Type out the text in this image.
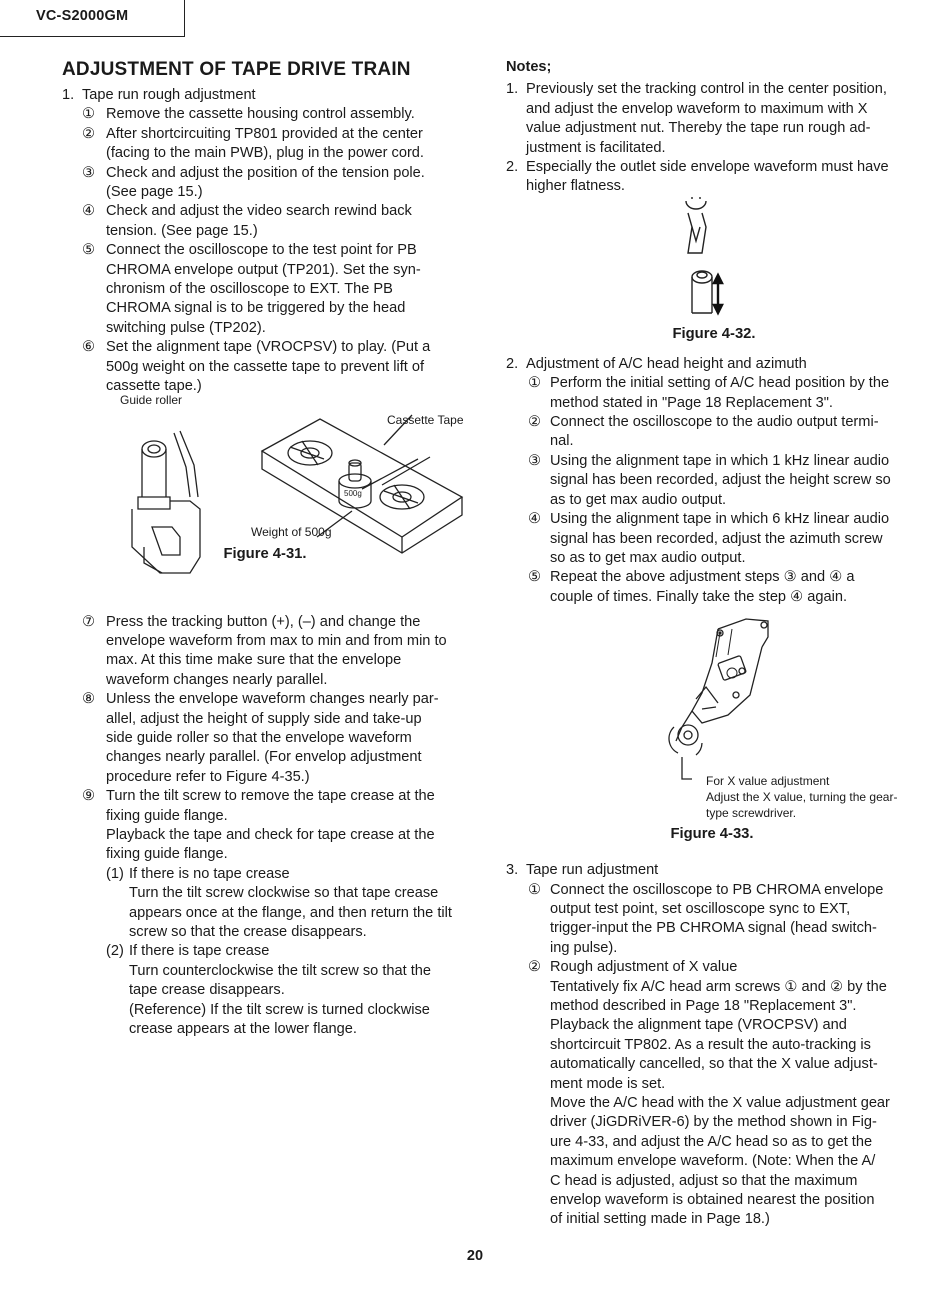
VC-S2000GM
ADJUSTMENT OF TAPE DRIVE TRAIN
1. Tape run rough adjustment
① Remove the cassette housing control assembly.
② After shortcircuiting TP801 provided at the center
(facing to the main PWB), plug in the power cord.
③ Check and adjust the position of the tension pole.
(See page 15.)
④ Check and adjust the video search rewind back
tension. (See page 15.)
⑤ Connect the oscilloscope to the test point for PB
CHROMA envelope output (TP201). Set the syn-
chronism of the oscilloscope to EXT. The PB
CHROMA signal is to be triggered by the head
switching pulse (TP202).
⑥ Set the alignment tape (VROCPSV) to play. (Put a
500g weight on the cassette tape to prevent lift of
cassette tape.)
500g
Guide roller
Cassette Tape
Weight of 500g
Figure 4-31.
⑦ Press the tracking button (+), (–) and change the
envelope waveform from max to min and from min to
max. At this time make sure that the envelope
waveform changes nearly parallel.
⑧ Unless the envelope waveform changes nearly par-
allel, adjust the height of supply side and take-up
side guide roller so that the envelope waveform
changes nearly parallel. (For envelop adjustment
procedure refer to Figure 4-35.)
⑨ Turn the tilt screw to remove the tape crease at the
fixing guide flange.
Playback the tape and check for tape crease at the
fixing guide flange.
(1) If there is no tape crease
Turn the tilt screw clockwise so that tape crease
appears once at the flange, and then return the tilt
screw so that the crease disappears.
(2) If there is tape crease
Turn counterclockwise the tilt screw so that the
tape crease disappears.
(Reference) If the tilt screw is turned clockwise
crease appears at the lower flange.
Notes;
1. Previously set the tracking control in the center position,
and adjust the envelop waveform to maximum with X
value adjustment nut. Thereby the tape run rough ad-
justment is facilitated.
2. Especially the outlet side envelope waveform must have
higher flatness.
Figure 4-32.
2. Adjustment of A/C head height and azimuth
① Perform the initial setting of A/C head position by the
method stated in "Page 18 Replacement 3".
② Connect the oscilloscope to the audio output termi-
nal.
③ Using the alignment tape in which 1 kHz linear audio
signal has been recorded, adjust the height screw so
as to get max audio output.
④ Using the alignment tape in which 6 kHz linear audio
signal has been recorded, adjust the azimuth screw
so as to get max audio output.
⑤ Repeat the above adjustment steps ③ and ④ a
couple of times. Finally take the step ④ again.
For X value adjustment
Adjust the X value, turning the gear-
type screwdriver.
Figure 4-33.
3. Tape run adjustment
① Connect the oscilloscope to PB CHROMA envelope
output test point, set oscilloscope sync to EXT,
trigger-input the PB CHROMA signal (head switch-
ing pulse).
② Rough adjustment of X value
Tentatively fix A/C head arm screws ① and ② by the
method described in Page 18 "Replacement 3".
Playback the alignment tape (VROCPSV) and
shortcircuit TP802. As a result the auto-tracking is
automatically cancelled, so that the X value adjust-
ment mode is set.
Move the A/C head with the X value adjustment gear
driver (JiGDRiVER-6) by the method shown in Fig-
ure 4-33, and adjust the A/C head so as to get the
maximum envelope waveform. (Note: When the A/
C head is adjusted, adjust so that the maximum
envelop waveform is obtained nearest the position
of initial setting made in Page 18.)
20
